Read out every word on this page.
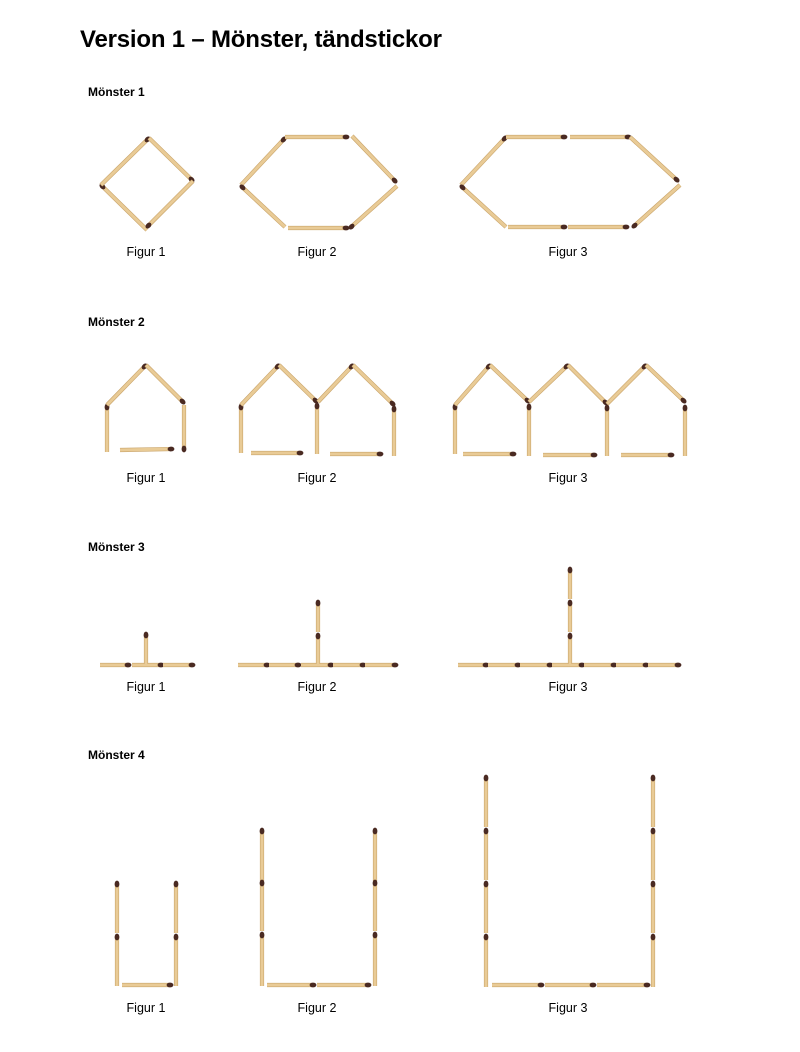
Version 1 – Mönster, tändstickor
Mönster 1
Figur 1	Figur 2	Figur 3
Mönster 2
Figur 1	Figur 2	Figur 3
Mönster 3
Figur 1	Figur 2	Figur 3
Mönster 4
Figur 1	Figur 2	Figur 3
